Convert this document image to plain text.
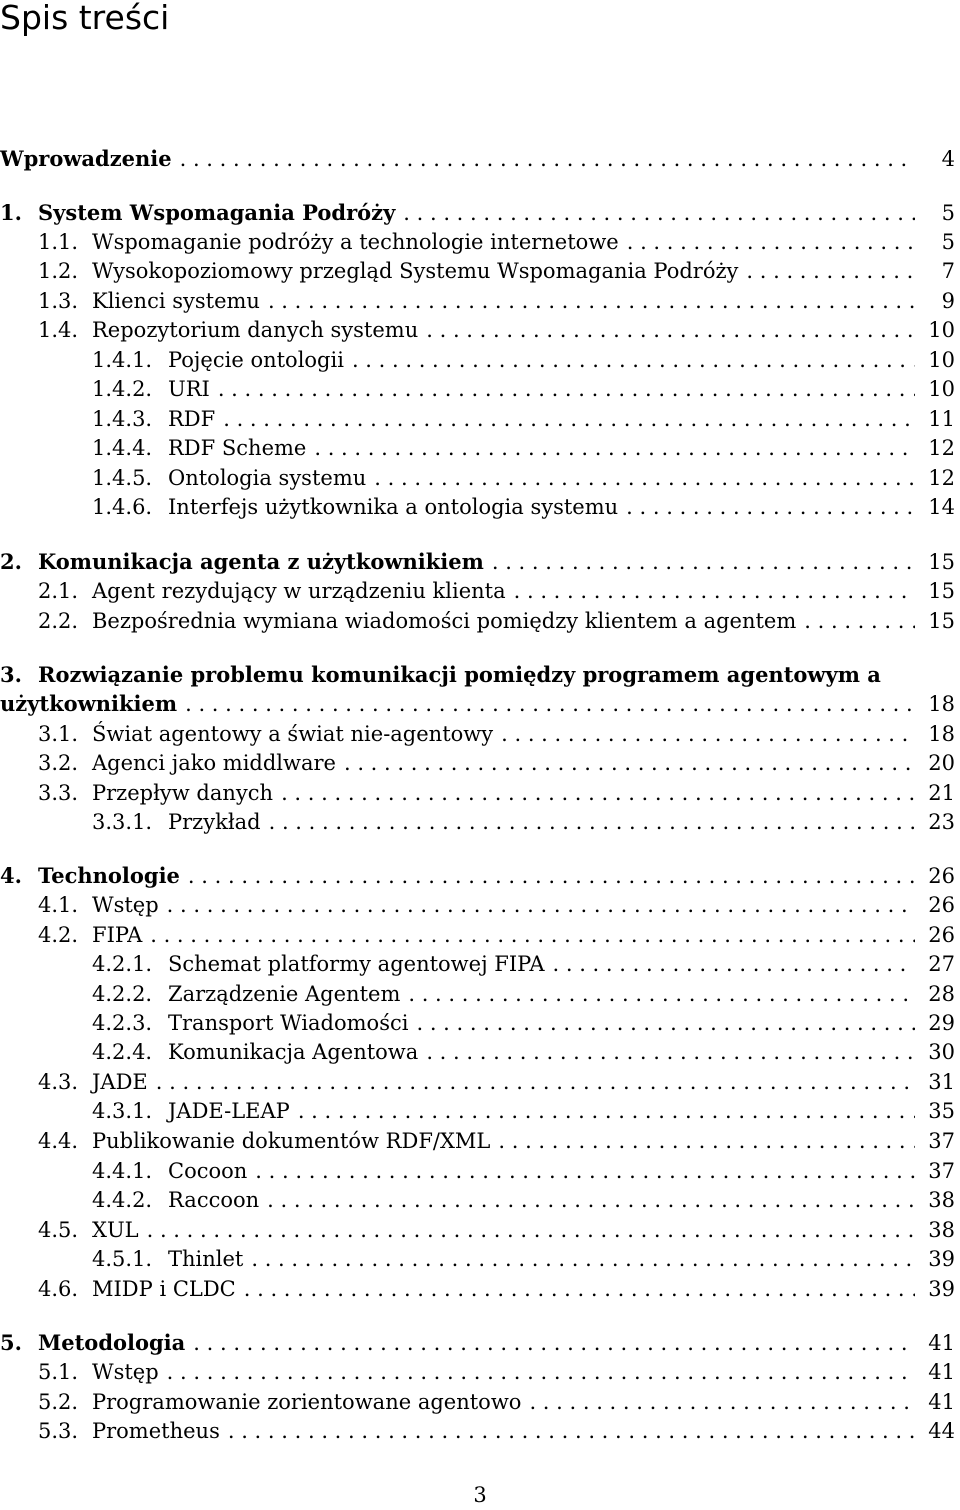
Spis treści
Wprowadzenie	4
. . .
1. System Wspomagania Podróży	5
. . .
1.1. Wspomaganie podróży a technologie internetowe	5
. . .
1.2. Wysokopoziomowy przegląd Systemu Wspomagania Podróży	7
. . .
1.3. Klienci systemu	9
. . .
1.4. Repozytorium danych systemu	10
. . .
1.4.1. Pojęcie ontologii	10
. . .
1.4.2. URI	10
. . .
1.4.3. RDF	11
. . .
1.4.4. RDF Scheme	12
. . .
1.4.5. Ontologia systemu	12
. . .
1.4.6. Interfejs użytkownika a ontologia systemu	14
. . .
2. Komunikacja agenta z użytkownikiem	15
. . .
2.1. Agent rezydujący w urządzeniu klienta	15
. . .
2.2. Bezpośrednia wymiana wiadomości pomiędzy klientem a agentem	15
. . .
3. Rozwiązanie problemu komunikacji pomiędzy programem agentowym a
użytkownikiem	18
. . .
3.1. Świat agentowy a świat nie-agentowy	18
. . .
3.2. Agenci jako middlware	20
. . .
3.3. Przepływ danych	21
. . .
3.3.1. Przykład	23
. . .
4. Technologie	26
. . .
4.1. Wstęp	26
. . .
4.2. FIPA	26
. . .
4.2.1. Schemat platformy agentowej FIPA	27
. . .
4.2.2. Zarządzenie Agentem	28
. . .
4.2.3. Transport Wiadomości	29
. . .
4.2.4. Komunikacja Agentowa	30
. . .
4.3. JADE	31
. . .
4.3.1. JADE-LEAP	35
. . .
4.4. Publikowanie dokumentów RDF/XML	37
. . .
4.4.1. Cocoon	37
. . .
4.4.2. Raccoon	38
. . .
4.5. XUL	38
. . .
4.5.1. Thinlet	39
. . .
4.6. MIDP i CLDC	39
. . .
5. Metodologia	41
. . .
5.1. Wstęp	41
. . .
5.2. Programowanie zorientowane agentowo	41
. . .
5.3. Prometheus	44
. . .
3
